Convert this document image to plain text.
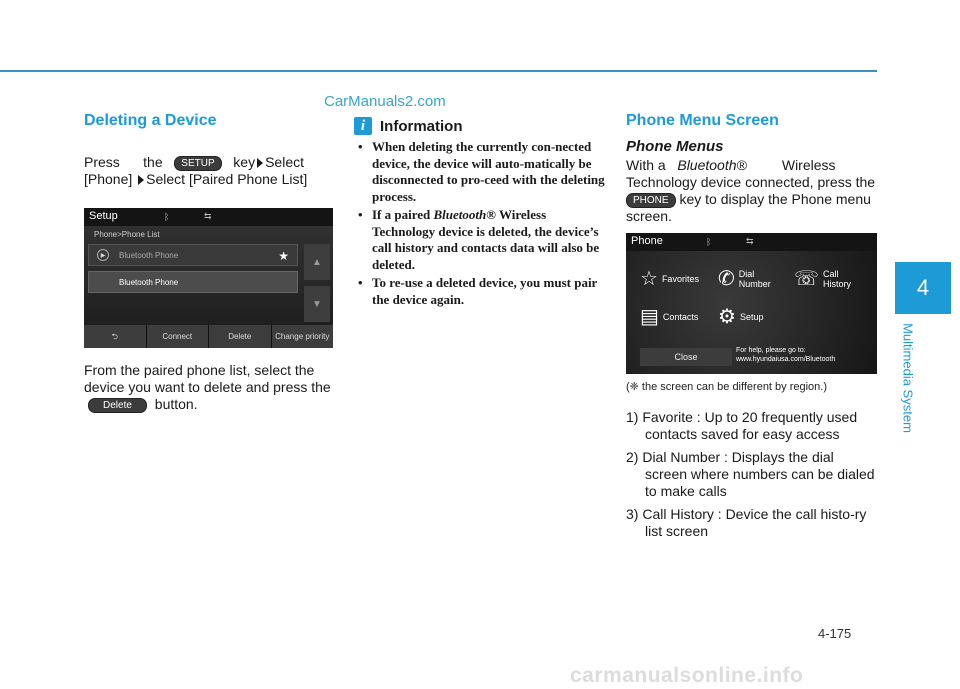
CarManuals2.com
4
Multimedia System
Deleting a Device

Press the SETUP key Select
[Phone] Select [Paired Phone List]

Setup	ᛒ	⇆
Phone>Phone List
▶	Bluetooth Phone	★
Bluetooth Phone
▲
▼
⮌	Connect	Delete	Change priority

From the paired phone list, select the device you want to delete and press the Delete button.

i Information
• When deleting the currently con-nected device, the device will auto-matically be disconnected to pro-ceed with the deleting process.
• If a paired Bluetooth® Wireless Technology device is deleted, the device’s call history and contacts data will also be deleted.
• To re-use a deleted device, you must pair the device again.
Phone Menu Screen
Phone Menus

With a Bluetooth®	Wireless Technology device connected, press the PHONE key to display the Phone menu screen.

Phone	ᛒ	⇆
☆ Favorites ✆ Dial Number	☏ Call History
▤ Contacts ⚙ Setup
Close
For help, please go to: www.hyundaiusa.com/Bluetooth

(❈ the screen can be different by region.)

1) Favorite : Up to 20 frequently used contacts saved for easy access
2) Dial Number : Displays the dial screen where numbers can be dialed to make calls
3) Call History : Device the call histo-ry list screen
4-175
carmanualsonline.info
